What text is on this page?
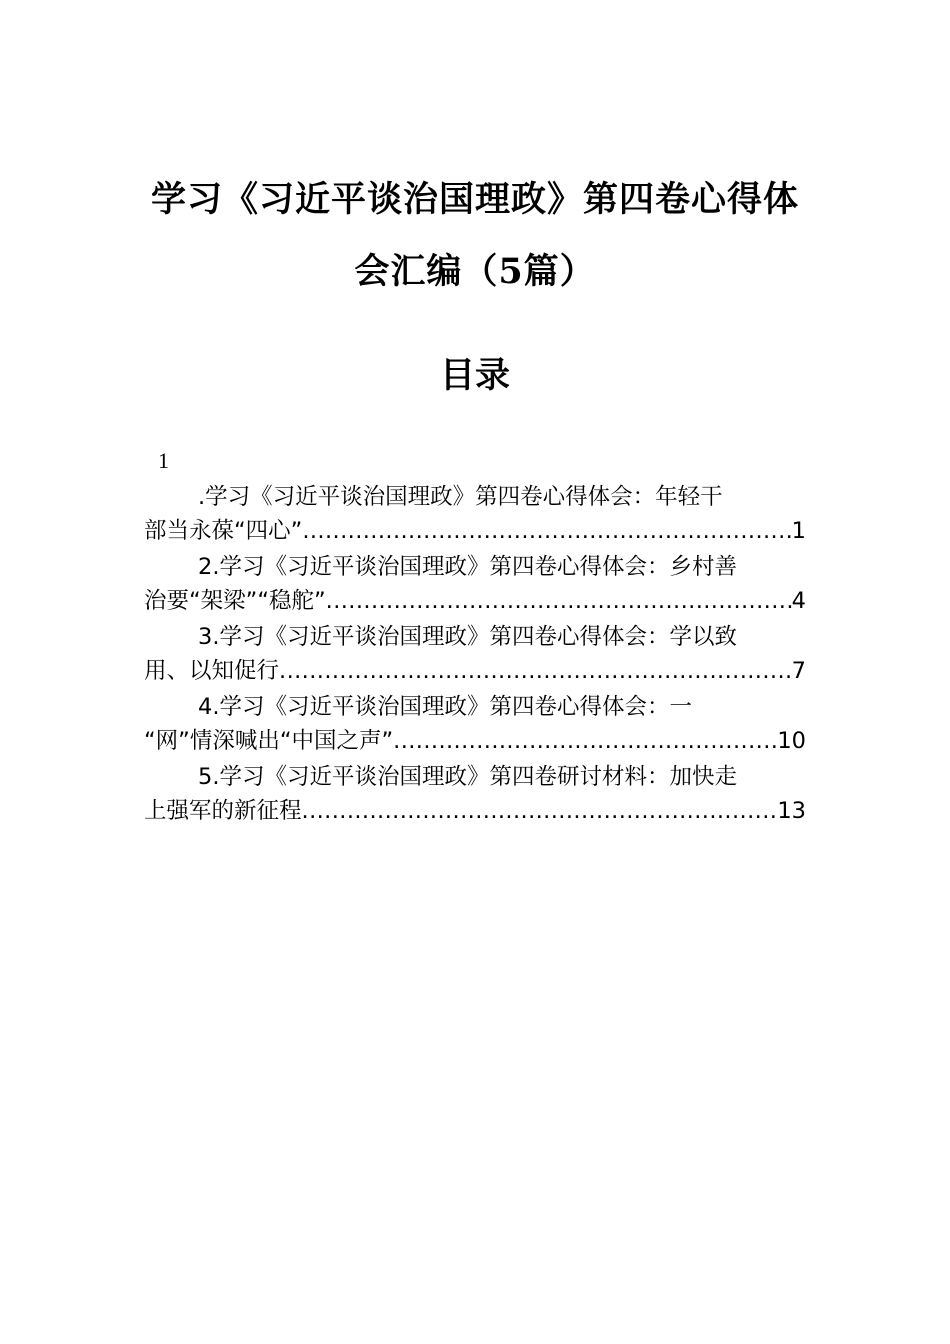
学习《习近平谈治国理政》第四卷心得体
会汇编（5篇）
目录
1
.学习《习近平谈治国理政》第四卷心得体会：年轻干
部当永葆“四心” .....	1
2.学习《习近平谈治国理政》第四卷心得体会：乡村善
治要“架梁”“稳舵” .....	4
3.学习《习近平谈治国理政》第四卷心得体会：学以致
用、以知促行 .....	7
4.学习《习近平谈治国理政》第四卷心得体会：一
“网”情深喊出“中国之声” .....	10
5.学习《习近平谈治国理政》第四卷研讨材料：加快走
上强军的新征程 .....	13
